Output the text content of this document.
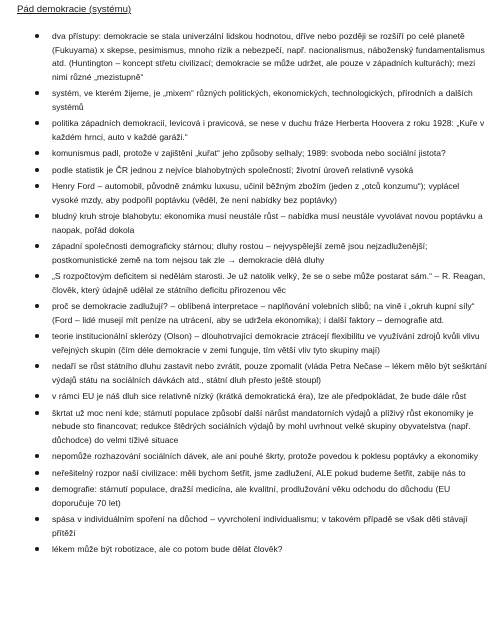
Pád demokracie (systému)
dva přístupy: demokracie se stala univerzální lidskou hodnotou, dříve nebo později se rozšíří po celé planetě (Fukuyama) x skepse, pesimismus, mnoho rizik a nebezpečí, např. nacionalismus, náboženský fundamentalismus atd. (Huntington – koncept střetu civilizací; demokracie se může udržet, ale pouze v západních kulturách); mezi nimi různé „mezistupně“
systém, ve kterém žijeme, je „mixem“ různých politických, ekonomických, technologických, přírodních a dalších systémů
politika západních demokracií, levicová i pravicová, se nese v duchu fráze Herberta Hoovera z roku 1928: „Kuře v každém hrnci, auto v každé garáži.“
komunismus padl, protože v zajištění „kuřat“ jeho způsoby selhaly; 1989: svoboda nebo sociální jistota?
podle statistik je ČR jednou z nejvíce blahobytných společností; životní úroveň relativně vysoká
Henry Ford – automobil, původně známku luxusu, učinil běžným zbožím (jeden z „otců konzumu“); vyplácel vysoké mzdy, aby podpořil poptávku (věděl, že není nabídky bez poptávky)
bludný kruh stroje blahobytu: ekonomika musí neustále růst – nabídka musí neustále vyvolávat novou poptávku a naopak, pořád dokola
západní společnosti demograficky stárnou; dluhy rostou – nejvyspělejší země jsou nejzadluženější; postkomunistické země na tom nejsou tak zle → demokracie dělá dluhy
„S rozpočtovým deficitem si nedělám starosti. Je už natolik velký, že se o sebe může postarat sám.“ – R. Reagan, člověk, který údajně udělal ze státního deficitu přirozenou věc
proč se demokracie zadlužují? – oblíbená interpretace – naplňování volebních slibů; na vině i „okruh kupní síly“ (Ford – lidé musejí mít peníze na utrácení, aby se udržela ekonomika); i další faktory – demografie atd.
teorie institucionální sklerózy (Olson) – dlouhotrvající demokracie ztrácejí flexibilitu ve využívání zdrojů kvůli vlivu veřejných skupin (čím déle demokracie v zemi funguje, tím větší vliv tyto skupiny mají)
nedaří se růst státního dluhu zastavit nebo zvrátit, pouze zpomalit (vláda Petra Nečase – lékem mělo být seškrtání výdajů státu na sociálních dávkách atd., státní dluh přesto ještě stoupl)
v rámci EU je náš dluh sice relativně nízký (krátká demokratická éra), lze ale předpokládat, že bude dále růst
škrtat už moc není kde; stárnutí populace způsobí další nárůst mandatorních výdajů a plíživý růst ekonomiky je nebude sto financovat; redukce štědrých sociálních výdajů by mohl uvrhnout velké skupiny obyvatelstva (např. důchodce) do velmi tíživé situace
nepomůže rozhazování sociálních dávek, ale ani pouhé škrty, protože povedou k poklesu poptávky a ekonomiky
neřešitelný rozpor naší civilizace: měli bychom šetřit, jsme zadlužení, ALE pokud budeme šetřit, zabije nás to
demografie: stárnutí populace, dražší medicína, ale kvalitní, prodlužování věku odchodu do důchodu (EU doporučuje 70 let)
spása v individuálním spoření na důchod – vyvrcholení individualismu; v takovém případě se však děti stávají přítěží
lékem může být robotizace, ale co potom bude dělat člověk?
